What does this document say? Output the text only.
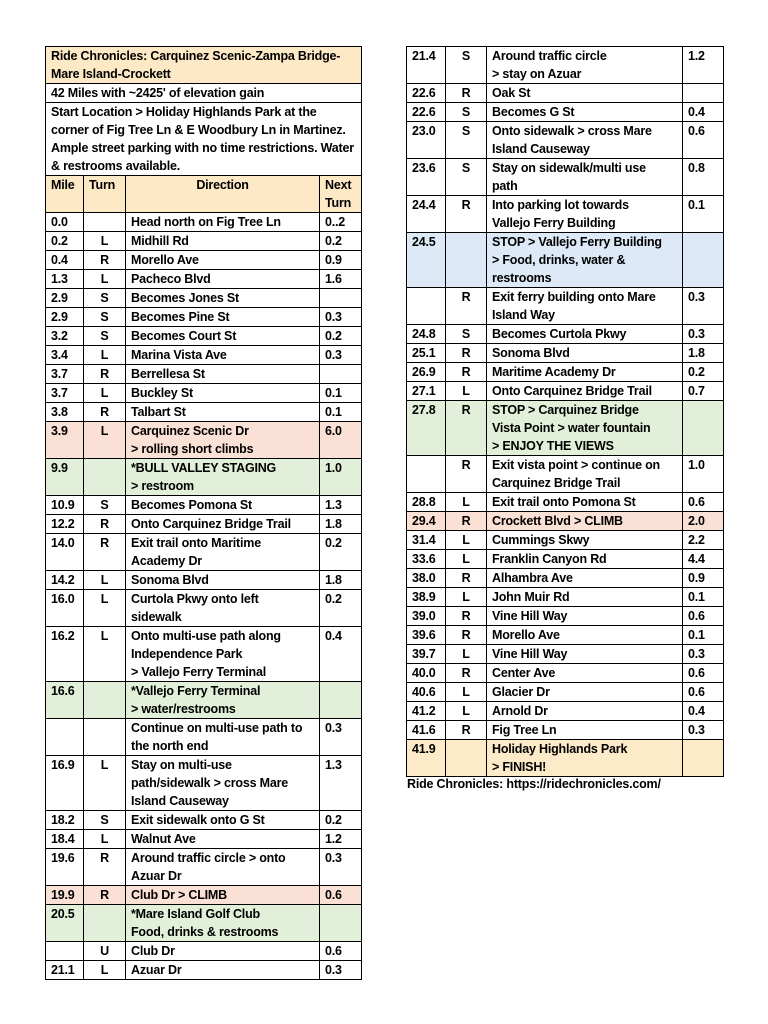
Ride Chronicles: Carquinez Scenic-Zampa Bridge-Mare Island-Crockett			
42 Miles with ~2425' of elevation gain			
Start Location > Holiday Highlands Park at the corner of Fig Tree Ln & E Woodbury Ln in Martinez. Ample street parking with no time restrictions. Water & restrooms available.			
Mile	Turn	Direction	Next
Turn
0.0		Head north on Fig Tree Ln	0..2
0.2	L	Midhill Rd	0.2
0.4	R	Morello Ave	0.9
1.3	L	Pacheco Blvd	1.6
2.9	S	Becomes Jones St	
2.9	S	Becomes Pine St	0.3
3.2	S	Becomes Court St	0.2
3.4	L	Marina Vista Ave	0.3
3.7	R	Berrellesa St	
3.7	L	Buckley St	0.1
3.8	R	Talbart St	0.1
3.9	L	Carquinez Scenic Dr
> rolling short climbs	6.0
9.9		*BULL VALLEY STAGING
> restroom	1.0
10.9	S	Becomes Pomona St	1.3
12.2	R	Onto Carquinez Bridge Trail	1.8
14.0	R	Exit trail onto Maritime
Academy Dr	0.2
14.2	L	Sonoma Blvd	1.8
16.0	L	Curtola Pkwy onto left
sidewalk	0.2
16.2	L	Onto multi-use path along
Independence Park
> Vallejo Ferry Terminal	0.4
16.6		*Vallejo Ferry Terminal
> water/restrooms	
		Continue on multi-use path to
the north end	0.3
16.9	L	Stay on multi-use
path/sidewalk > cross Mare
Island Causeway	1.3
18.2	S	Exit sidewalk onto G St	0.2
18.4	L	Walnut Ave	1.2
19.6	R	Around traffic circle > onto
Azuar Dr	0.3
19.9	R	Club Dr > CLIMB	0.6
20.5		*Mare Island Golf Club
Food, drinks & restrooms	
	U	Club Dr	0.6
21.1	L	Azuar Dr	0.3
21.4	S	Around traffic circle
> stay on Azuar	1.2
22.6	R	Oak St	
22.6	S	Becomes G St	0.4
23.0	S	Onto sidewalk > cross Mare
Island Causeway	0.6
23.6	S	Stay on sidewalk/multi use
path	0.8
24.4	R	Into parking lot towards
Vallejo Ferry Building	0.1
24.5		STOP > Vallejo Ferry Building
> Food, drinks, water &
restrooms	
	R	Exit ferry building onto Mare
Island Way	0.3
24.8	S	Becomes Curtola Pkwy	0.3
25.1	R	Sonoma Blvd	1.8
26.9	R	Maritime Academy Dr	0.2
27.1	L	Onto Carquinez Bridge Trail	0.7
27.8	R	STOP > Carquinez Bridge
Vista Point > water fountain
> ENJOY THE VIEWS	
	R	Exit vista point > continue on
Carquinez Bridge Trail	1.0
28.8	L	Exit trail onto Pomona St	0.6
29.4	R	Crockett Blvd > CLIMB	2.0
31.4	L	Cummings Skwy	2.2
33.6	L	Franklin Canyon Rd	4.4
38.0	R	Alhambra Ave	0.9
38.9	L	John Muir Rd	0.1
39.0	R	Vine Hill Way	0.6
39.6	R	Morello Ave	0.1
39.7	L	Vine Hill Way	0.3
40.0	R	Center Ave	0.6
40.6	L	Glacier Dr	0.6
41.2	L	Arnold Dr	0.4
41.6	R	Fig Tree Ln	0.3
41.9		Holiday Highlands Park
> FINISH!	
Ride Chronicles: https://ridechronicles.com/
